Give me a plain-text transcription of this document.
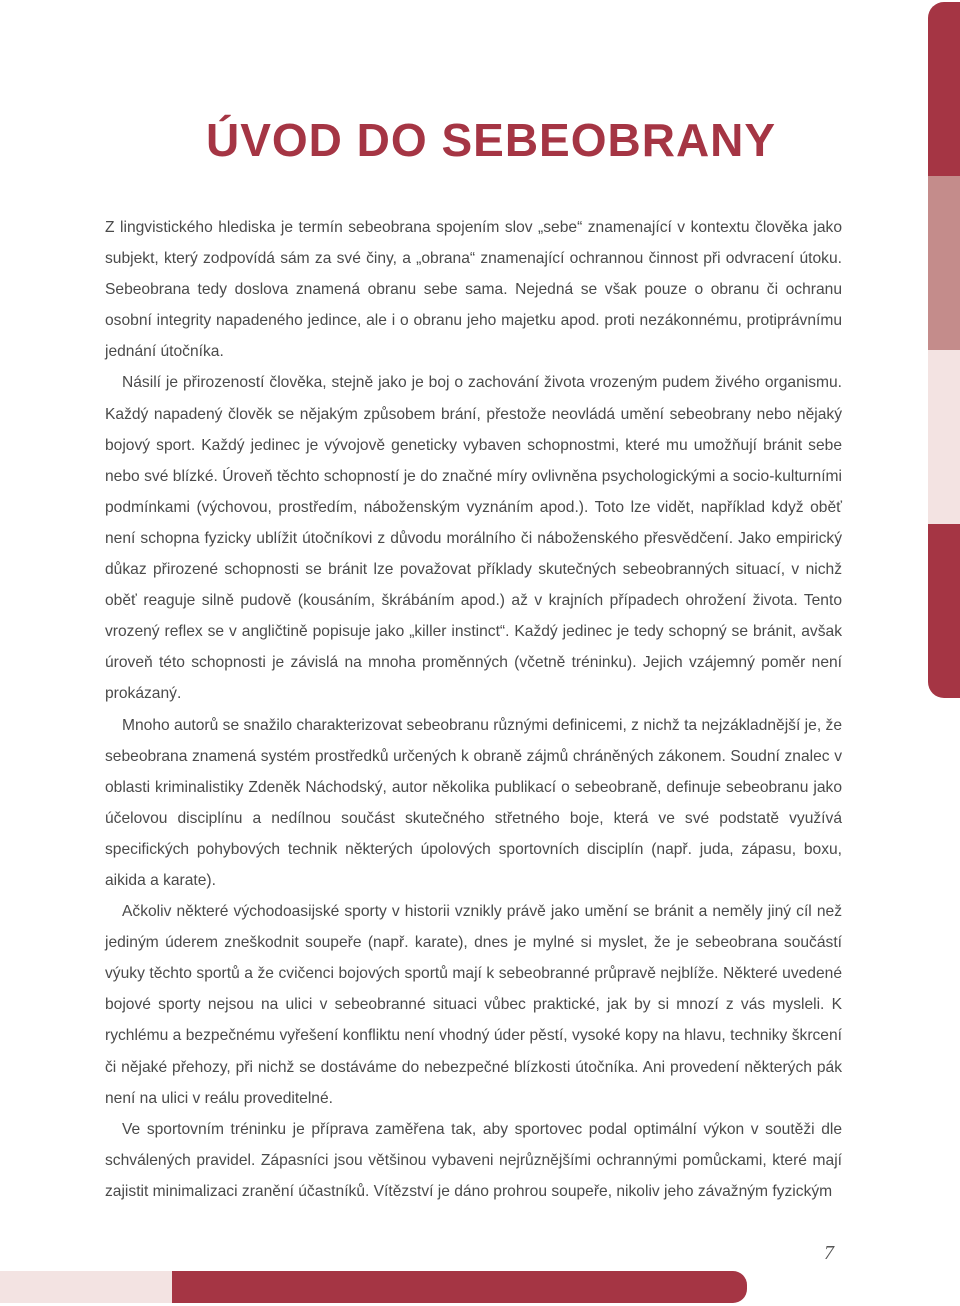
ÚVOD DO SEBEOBRANY

Z lingvistického hlediska je termín sebeobrana spojením slov „sebe“ znamenající v kontextu člověka jako subjekt, který zodpovídá sám za své činy, a „obrana“ znamenající ochrannou činnost při odvracení útoku. Sebeobrana tedy doslova znamená obranu sebe sama. Nejedná se však pouze o obranu či ochranu osobní integrity napadeného jedince, ale i o obranu jeho majetku apod. proti nezákonnému, protiprávnímu jednání útočníka.

Násilí je přirozeností člověka, stejně jako je boj o zachování života vrozeným pudem živého organismu. Každý napadený člověk se nějakým způsobem brání, přestože neovládá umění sebeobrany nebo nějaký bojový sport. Každý jedinec je vývojově geneticky vybaven schopnostmi, které mu umožňují bránit sebe nebo své blízké. Úroveň těchto schopností je do značné míry ovlivněna psychologickými a socio-kulturními podmínkami (výchovou, prostředím, náboženským vyznáním apod.). Toto lze vidět, například když oběť není schopna fyzicky ublížit útočníkovi z důvodu morálního či náboženského přesvědčení. Jako empirický důkaz přirozené schopnosti se bránit lze považovat příklady skutečných sebeobranných situací, v nichž oběť reaguje silně pudově (kousáním, škrábáním apod.) až v krajních případech ohrožení života. Tento vrozený reflex se v angličtině popisuje jako „killer instinct“. Každý jedinec je tedy schopný se bránit, avšak úroveň této schopnosti je závislá na mnoha proměnných (včetně tréninku). Jejich vzájemný poměr není prokázaný.

Mnoho autorů se snažilo charakterizovat sebeobranu různými definicemi, z nichž ta nejzákladnější je, že sebeobrana znamená systém prostředků určených k obraně zájmů chráněných zákonem. Soudní znalec v oblasti kriminalistiky Zdeněk Náchodský, autor několika publikací o sebeobraně, definuje sebeobranu jako účelovou disciplínu a nedílnou součást skutečného střetného boje, která ve své podstatě využívá specifických pohybových technik některých úpolových sportovních disciplín (např. juda, zápasu, boxu, aikida a karate).

Ačkoliv některé východoasijské sporty v historii vznikly právě jako umění se bránit a neměly jiný cíl než jediným úderem zneškodnit soupeře (např. karate), dnes je mylné si myslet, že je sebeobrana součástí výuky těchto sportů a že cvičenci bojových sportů mají k sebeobranné průpravě nejblíže. Některé uvedené bojové sporty nejsou na ulici v sebeobranné situaci vůbec praktické, jak by si mnozí z vás mysleli. K rychlému a bezpečnému vyřešení konfliktu není vhodný úder pěstí, vysoké kopy na hlavu, techniky škrcení či nějaké přehozy, při nichž se dostáváme do nebezpečné blízkosti útočníka. Ani provedení některých pák není na ulici v reálu proveditelné.

Ve sportovním tréninku je příprava zaměřena tak, aby sportovec podal optimální výkon v soutěži dle schválených pravidel. Zápasníci jsou většinou vybaveni nejrůznějšími ochrannými pomůckami, které mají zajistit minimalizaci zranění účastníků. Vítězství je dáno prohrou soupeře, nikoliv jeho závažným fyzickým

7
